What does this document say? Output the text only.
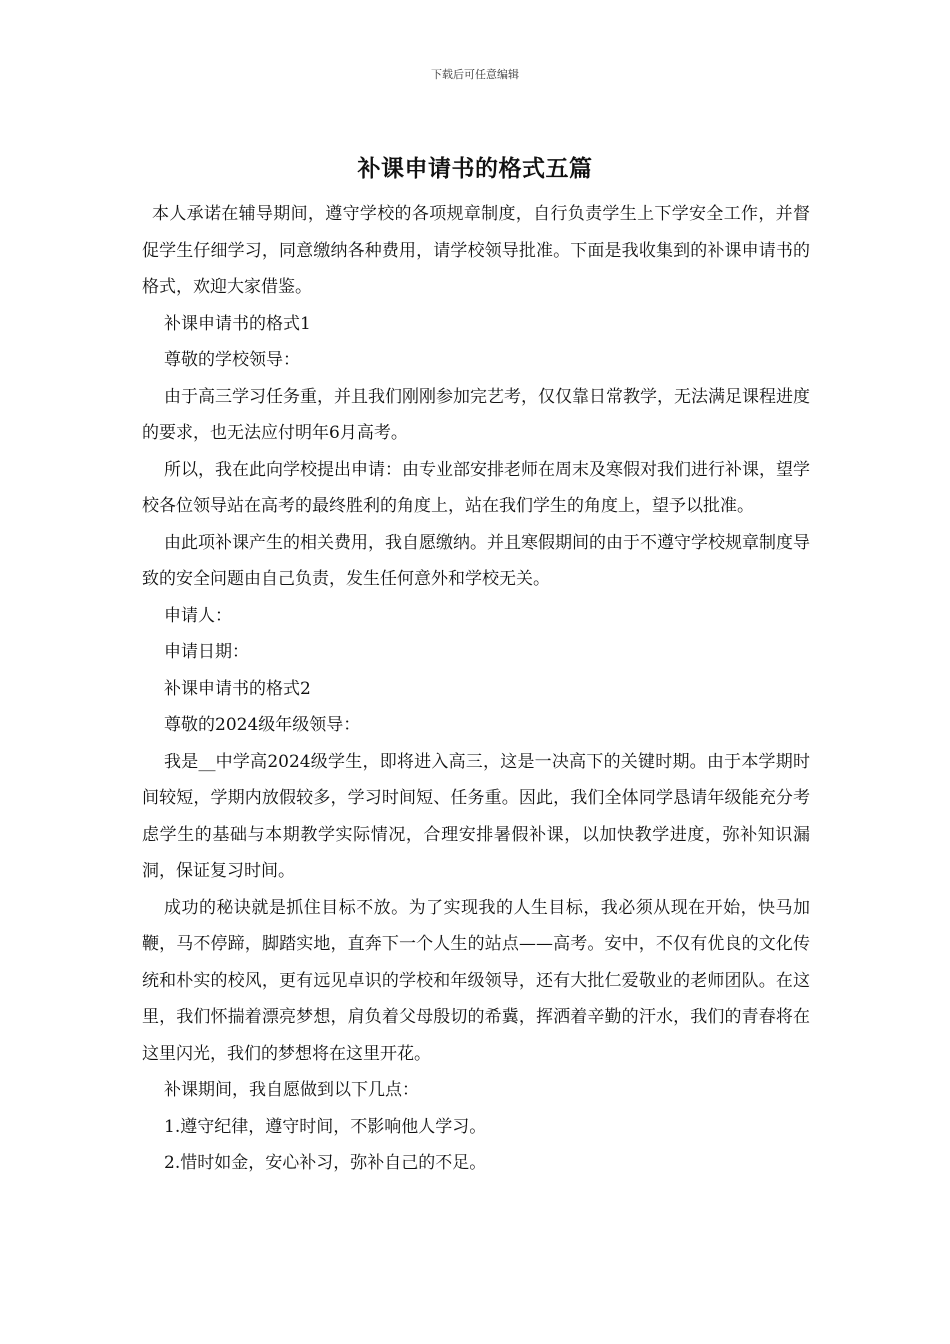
下载后可任意编辑
补课申请书的格式五篇

本人承诺在辅导期间，遵守学校的各项规章制度，自行负责学生上下学安全工作，并督促学生仔细学习，同意缴纳各种费用，请学校领导批准。下面是我收集到的补课申请书的格式，欢迎大家借鉴。

补课申请书的格式1

尊敬的学校领导：

由于高三学习任务重，并且我们刚刚参加完艺考，仅仅靠日常教学，无法满足课程进度的要求，也无法应付明年6月高考。

所以，我在此向学校提出申请：由专业部安排老师在周末及寒假对我们进行补课，望学校各位领导站在高考的最终胜利的角度上，站在我们学生的角度上，望予以批准。

由此项补课产生的相关费用，我自愿缴纳。并且寒假期间的由于不遵守学校规章制度导致的安全问题由自己负责，发生任何意外和学校无关。

申请人：

申请日期：

补课申请书的格式2

尊敬的2024级年级领导：

我是__中学高2024级学生，即将进入高三，这是一决高下的关键时期。由于本学期时间较短，学期内放假较多，学习时间短、任务重。因此，我们全体同学恳请年级能充分考虑学生的基础与本期教学实际情况，合理安排暑假补课，以加快教学进度，弥补知识漏洞，保证复习时间。

成功的秘诀就是抓住目标不放。为了实现我的人生目标，我必须从现在开始，快马加鞭，马不停蹄，脚踏实地，直奔下一个人生的站点——高考。安中，不仅有优良的文化传统和朴实的校风，更有远见卓识的学校和年级领导，还有大批仁爱敬业的老师团队。在这里，我们怀揣着漂亮梦想，肩负着父母殷切的希冀，挥洒着辛勤的汗水，我们的青春将在这里闪光，我们的梦想将在这里开花。

补课期间，我自愿做到以下几点：

1.遵守纪律，遵守时间，不影响他人学习。

2.惜时如金，安心补习，弥补自己的不足。
